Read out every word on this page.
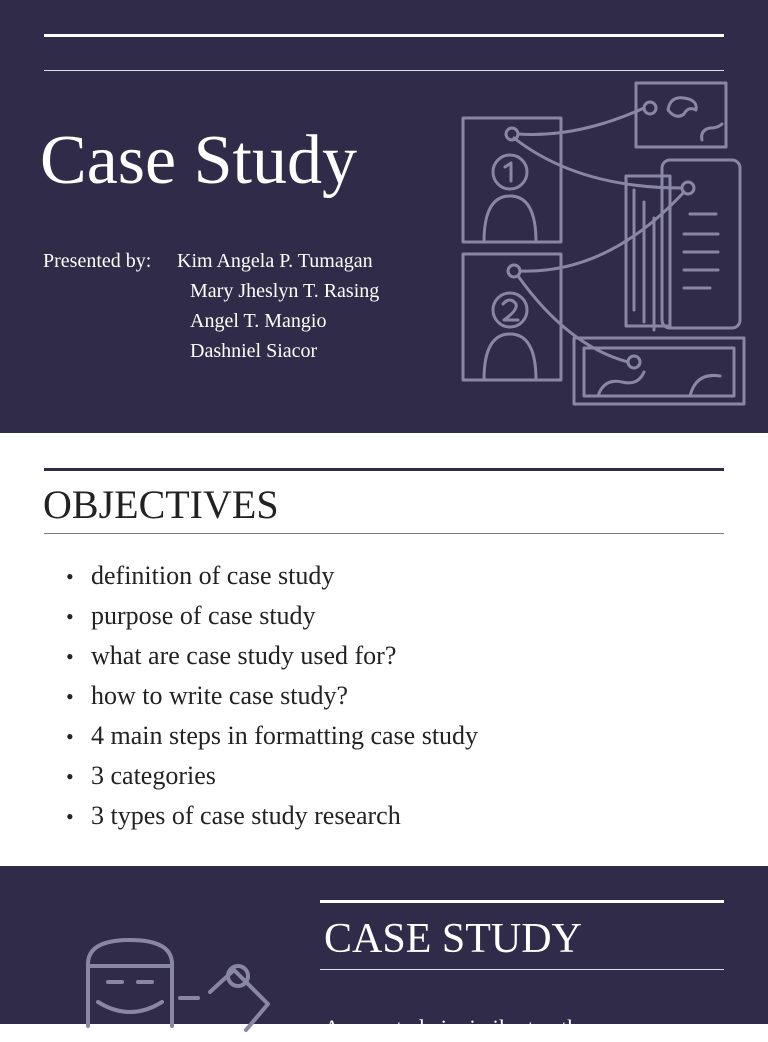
Case Study
Presented by: Kim Angela P. Tumagan
Mary Jheslyn T. Rasing
Angel T. Mangio
Dashniel Siacor
OBJECTIVES
• definition of case study
• purpose of case study
• what are case study used for?
• how to write case study?
• 4 main steps in formatting case study
• 3 categories
• 3 types of case study research
CASE STUDY
A case study is similar to other
